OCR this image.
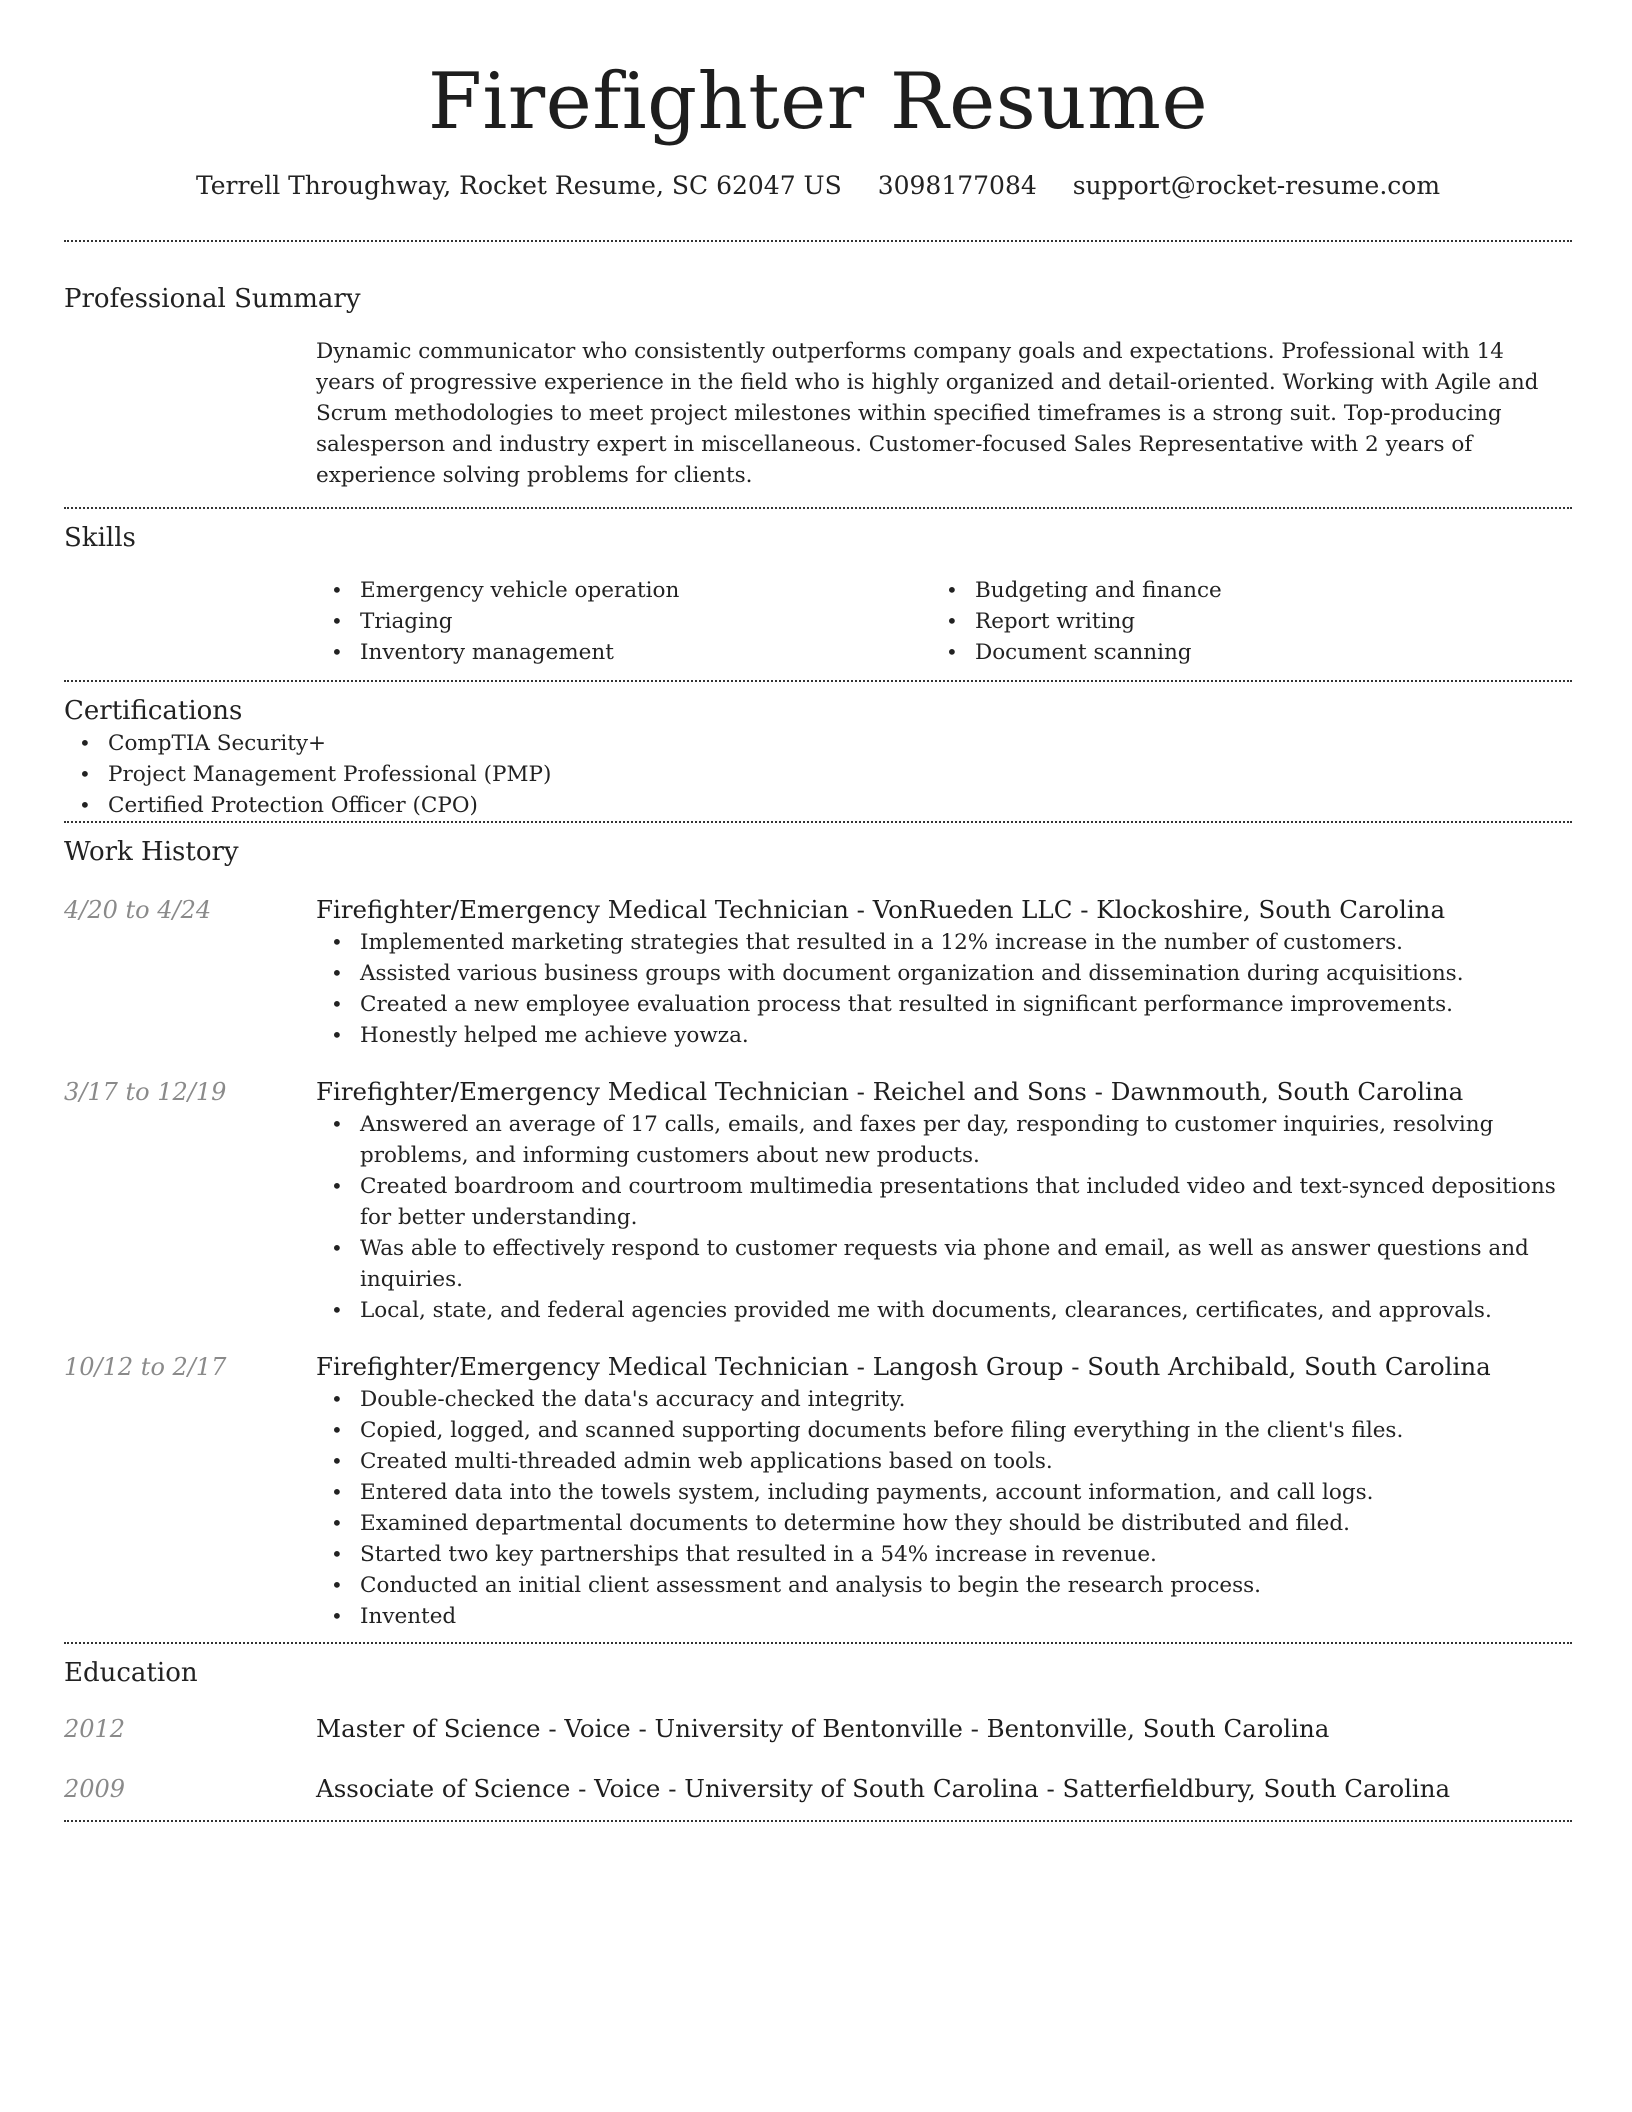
Firefighter Resume
Terrell Throughway, Rocket Resume, SC 62047 US 3098177084 support@rocket-resume.com
Professional Summary

Dynamic communicator who consistently outperforms company goals and expectations. Professional with 14 years of progressive experience in the field who is highly organized and detail-oriented. Working with Agile and Scrum methodologies to meet project milestones within specified timeframes is a strong suit. Top-producing salesperson and industry expert in miscellaneous. Customer-focused Sales Representative with 2 years of experience solving problems for clients.

Skills
• Emergency vehicle operation
• Triaging
• Inventory management
• Budgeting and finance
• Report writing
• Document scanning
Certifications
• CompTIA Security+
• Project Management Professional (PMP)
• Certified Protection Officer (CPO)
Work History
4/20 to 4/24	Firefighter/Emergency Medical Technician - VonRueden LLC - Klockoshire, South Carolina
• Implemented marketing strategies that resulted in a 12% increase in the number of customers.
• Assisted various business groups with document organization and dissemination during acquisitions.
• Created a new employee evaluation process that resulted in significant performance improvements.
• Honestly helped me achieve yowza.
3/17 to 12/19	Firefighter/Emergency Medical Technician - Reichel and Sons - Dawnmouth, South Carolina
• Answered an average of 17 calls, emails, and faxes per day, responding to customer inquiries, resolving problems, and informing customers about new products.
• Created boardroom and courtroom multimedia presentations that included video and text-synced depositions for better understanding.
• Was able to effectively respond to customer requests via phone and email, as well as answer questions and inquiries.
• Local, state, and federal agencies provided me with documents, clearances, certificates, and approvals.
10/12 to 2/17	Firefighter/Emergency Medical Technician - Langosh Group - South Archibald, South Carolina
• Double-checked the data's accuracy and integrity.
• Copied, logged, and scanned supporting documents before filing everything in the client's files.
• Created multi-threaded admin web applications based on tools.
• Entered data into the towels system, including payments, account information, and call logs.
• Examined departmental documents to determine how they should be distributed and filed.
• Started two key partnerships that resulted in a 54% increase in revenue.
• Conducted an initial client assessment and analysis to begin the research process.
• Invented
Education
2012	Master of Science - Voice - University of Bentonville - Bentonville, South Carolina
2009	Associate of Science - Voice - University of South Carolina - Satterfieldbury, South Carolina
